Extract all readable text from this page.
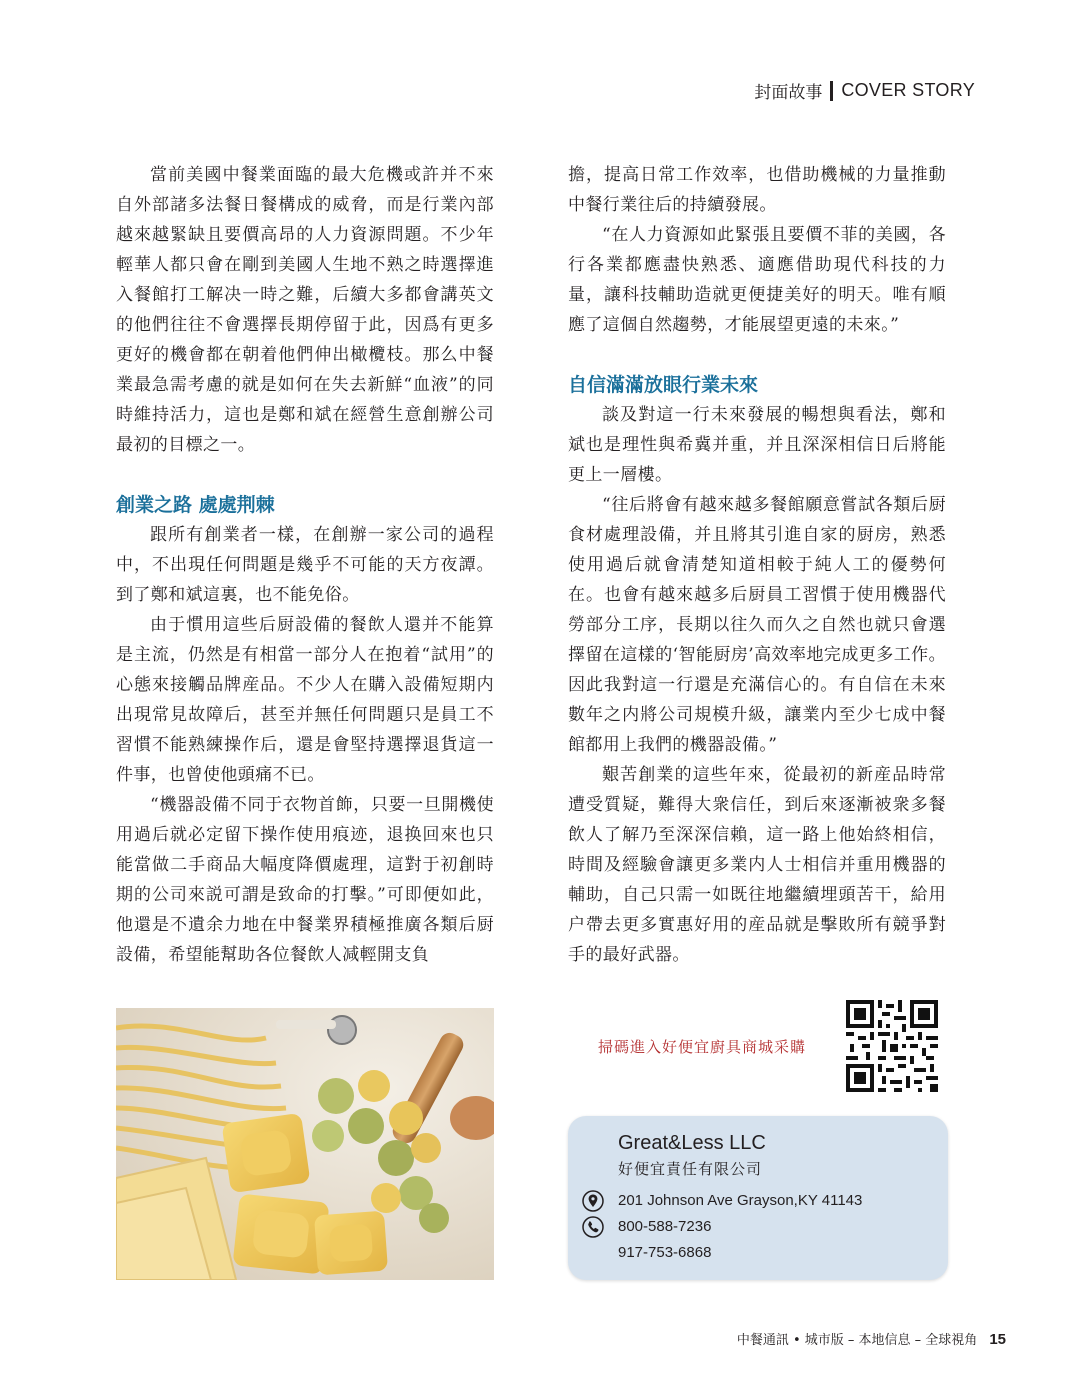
封面故事 COVER STORY

當前美國中餐業面臨的最大危機或許并不來自外部諸多法餐日餐構成的威脅，而是行業內部越來越緊缺且要價高昂的人力資源問題。不少年輕華人都只會在剛到美國人生地不熟之時選擇進入餐館打工解决一時之難，后續大多都會講英文的他們往往不會選擇長期停留于此，因爲有更多更好的機會都在朝着他們伸出橄欖枝。那么中餐業最急需考慮的就是如何在失去新鮮“血液”的同時維持活力，這也是鄭和斌在經營生意創辦公司最初的目標之一。

創業之路 處處荆棘

跟所有創業者一樣，在創辦一家公司的過程中，不出現任何問題是幾乎不可能的天方夜譚。到了鄭和斌這裏，也不能免俗。

由于慣用這些后厨設備的餐飲人還并不能算是主流，仍然是有相當一部分人在抱着“試用”的心態來接觸品牌産品。不少人在購入設備短期内出現常見故障后，甚至并無任何問題只是員工不習慣不能熟練操作后，還是會堅持選擇退貨這一件事，也曾使他頭痛不已。

“機器設備不同于衣物首飾，只要一旦開機使用過后就必定留下操作使用痕迹，退换回來也只能當做二手商品大幅度降價處理，這對于初創時期的公司來説可謂是致命的打擊。”可即便如此，他還是不遺余力地在中餐業界積極推廣各類后厨設備，希望能幫助各位餐飲人减輕開支負

擔，提高日常工作效率，也借助機械的力量推動中餐行業往后的持續發展。

“在人力資源如此緊張且要價不菲的美國，各行各業都應盡快熟悉、適應借助現代科技的力量，讓科技輔助造就更便捷美好的明天。唯有順應了這個自然趨勢，才能展望更遠的未來。”

自信滿滿放眼行業未來

談及對這一行未來發展的暢想與看法，鄭和斌也是理性與希冀并重，并且深深相信日后將能更上一層樓。

“往后將會有越來越多餐館願意嘗試各類后厨食材處理設備，并且將其引進自家的厨房，熟悉使用過后就會清楚知道相較于純人工的優勢何在。也會有越來越多后厨員工習慣于使用機器代勞部分工序，長期以往久而久之自然也就只會選擇留在這樣的‘智能厨房’高效率地完成更多工作。因此我對這一行還是充滿信心的。有自信在未來數年之内將公司規模升級，讓業内至少七成中餐館都用上我們的機器設備。”

艱苦創業的這些年來，從最初的新産品時常遭受質疑，難得大衆信任，到后來逐漸被衆多餐飲人了解乃至深深信賴，這一路上他始終相信，時間及經驗會讓更多業内人士相信并重用機器的輔助，自己只需一如既往地繼續埋頭苦干，給用户帶去更多實惠好用的産品就是擊敗所有競爭對手的最好武器。

掃碼進入好便宜廚具商城采購
Great&Less LLC
好便宜責任有限公司
201 Johnson Ave Grayson,KY 41143
800-588-7236
917-753-6868
中餐通訊 • 城市版 – 本地信息 – 全球視角 15
